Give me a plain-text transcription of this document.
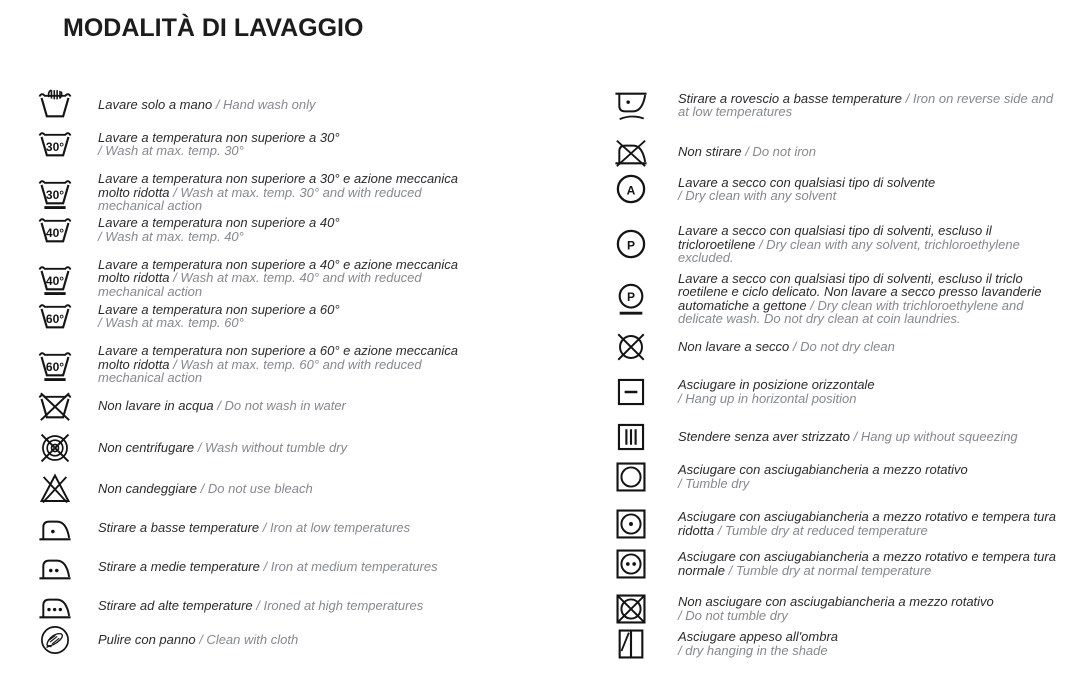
MODALITÀ DI LAVAGGIO
Lavare solo a mano / Hand wash only
30°
Lavare a temperatura non superiore a 30°
/ Wash at max. temp. 30°
30°
Lavare a temperatura non superiore a 30° e azione meccanica molto ridotta / Wash at max. temp. 30° and with reduced mechanical action
40°
Lavare a temperatura non superiore a 40°
/ Wash at max. temp. 40°
40°
Lavare a temperatura non superiore a 40° e azione meccanica molto ridotta / Wash at max. temp. 40° and with reduced mechanical action
60°
Lavare a temperatura non superiore a 60°
/ Wash at max. temp. 60°
60°
Lavare a temperatura non superiore a 60° e azione meccanica molto ridotta / Wash at max. temp. 60° and with reduced mechanical action
Non lavare in acqua / Do not wash in water
Non centrifugare / Wash without tumble dry
Non candeggiare / Do not use bleach
Stirare a basse temperature / Iron at low temperatures
Stirare a medie temperature / Iron at medium temperatures
Stirare ad alte temperature / Ironed at high temperatures
Pulire con panno / Clean with cloth
Stirare a rovescio a basse temperature / Iron on reverse side and at low temperatures
Non stirare / Do not iron
A
Lavare a secco con qualsiasi tipo di solvente
/ Dry clean with any solvent
P
Lavare a secco con qualsiasi tipo di solventi, escluso il tricloroetilene / Dry clean with any solvent, trichloroethylene excluded.
P
Lavare a secco con qualsiasi tipo di solventi, escluso il triclo roetilene e ciclo delicato. Non lavare a secco presso lavanderie automatiche a gettone / Dry clean with trichloroethylene and delicate wash. Do not dry clean at coin laundries.
Non lavare a secco / Do not dry clean
Asciugare in posizione orizzontale
/ Hang up in horizontal position
Stendere senza aver strizzato / Hang up without squeezing
Asciugare con asciugabiancheria a mezzo rotativo
/ Tumble dry
Asciugare con asciugabiancheria a mezzo rotativo e tempera tura ridotta / Tumble dry at reduced temperature
Asciugare con asciugabiancheria a mezzo rotativo e tempera tura normale / Tumble dry at normal temperature
Non asciugare con asciugabiancheria a mezzo rotativo
/ Do not tumble dry
Asciugare appeso all'ombra
/ dry hanging in the shade
